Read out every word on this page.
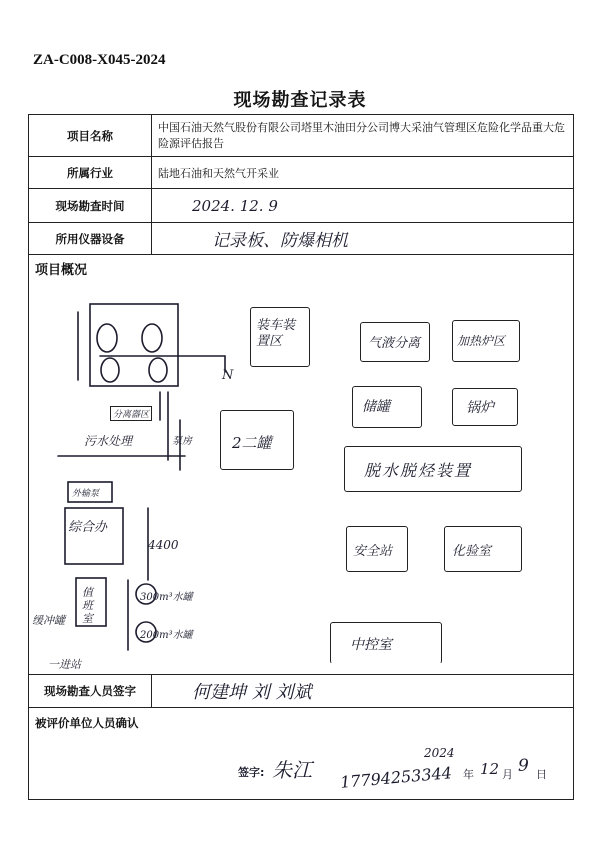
ZA-C008-X045-2024
现场勘查记录表
项目名称	中国石油天然气股份有限公司塔里木油田分公司博大采油气管理区危险化学品重大危险源评估报告
所属行业	陆地石油和天然气开采业
现场勘查时间	2024. 12. 9
所用仪器设备	记录板、防爆相机

项目概况	

现场勘查人员签字	何建坤 刘 刘斌

被评价单位人员确认	
签字: 朱江 17794253344
2024
年 12 月 9 日
装车装置区
2二罐
气液分离	加热炉区
储罐	锅炉
脱水脱烃装置
安全站	化验室
中控室
N
分离器区
污水处理	泵房
外输泵
综合办
值班室
4400
300m³水罐
200m³水罐
缓冲罐
一进站
